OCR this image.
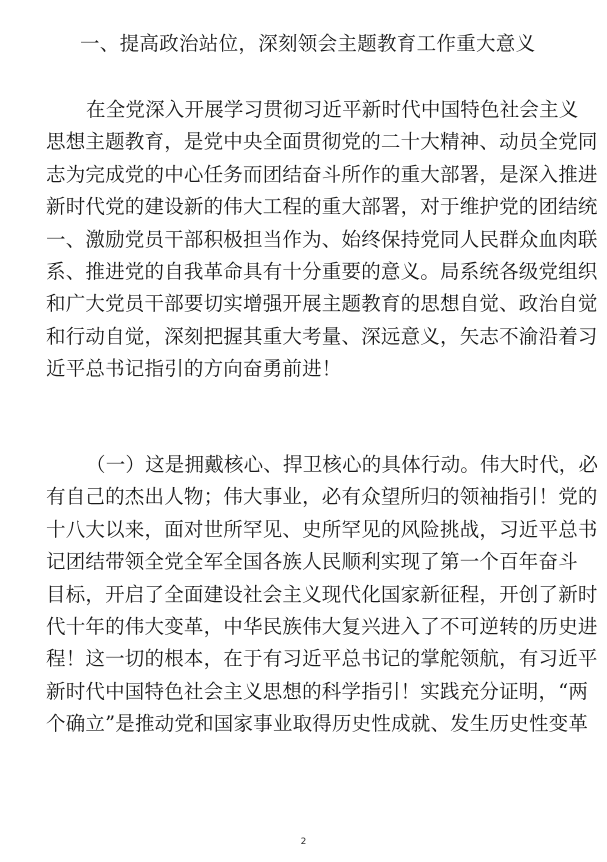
一、提高政治站位，深刻领会主题教育工作重大意义
在全党深入开展学习贯彻习近平新时代中国特色社会主义
思想主题教育，是党中央全面贯彻党的二十大精神、动员全党同
志为完成党的中心任务而团结奋斗所作的重大部署，是深入推进
新时代党的建设新的伟大工程的重大部署，对于维护党的团结统
一、激励党员干部积极担当作为、始终保持党同人民群众血肉联
系、推进党的自我革命具有十分重要的意义。局系统各级党组织
和广大党员干部要切实增强开展主题教育的思想自觉、政治自觉
和行动自觉，深刻把握其重大考量、深远意义，矢志不渝沿着习
近平总书记指引的方向奋勇前进！
（一）这是拥戴核心、捍卫核心的具体行动。伟大时代，必
有自己的杰出人物；伟大事业，必有众望所归的领袖指引！党的
十八大以来，面对世所罕见、史所罕见的风险挑战，习近平总书
记团结带领全党全军全国各族人民顺利实现了第一个百年奋斗
目标，开启了全面建设社会主义现代化国家新征程，开创了新时
代十年的伟大变革，中华民族伟大复兴进入了不可逆转的历史进
程！这一切的根本，在于有习近平总书记的掌舵领航，有习近平
新时代中国特色社会主义思想的科学指引！实践充分证明，“两
个确立”是推动党和国家事业取得历史性成就、发生历史性变革
2
